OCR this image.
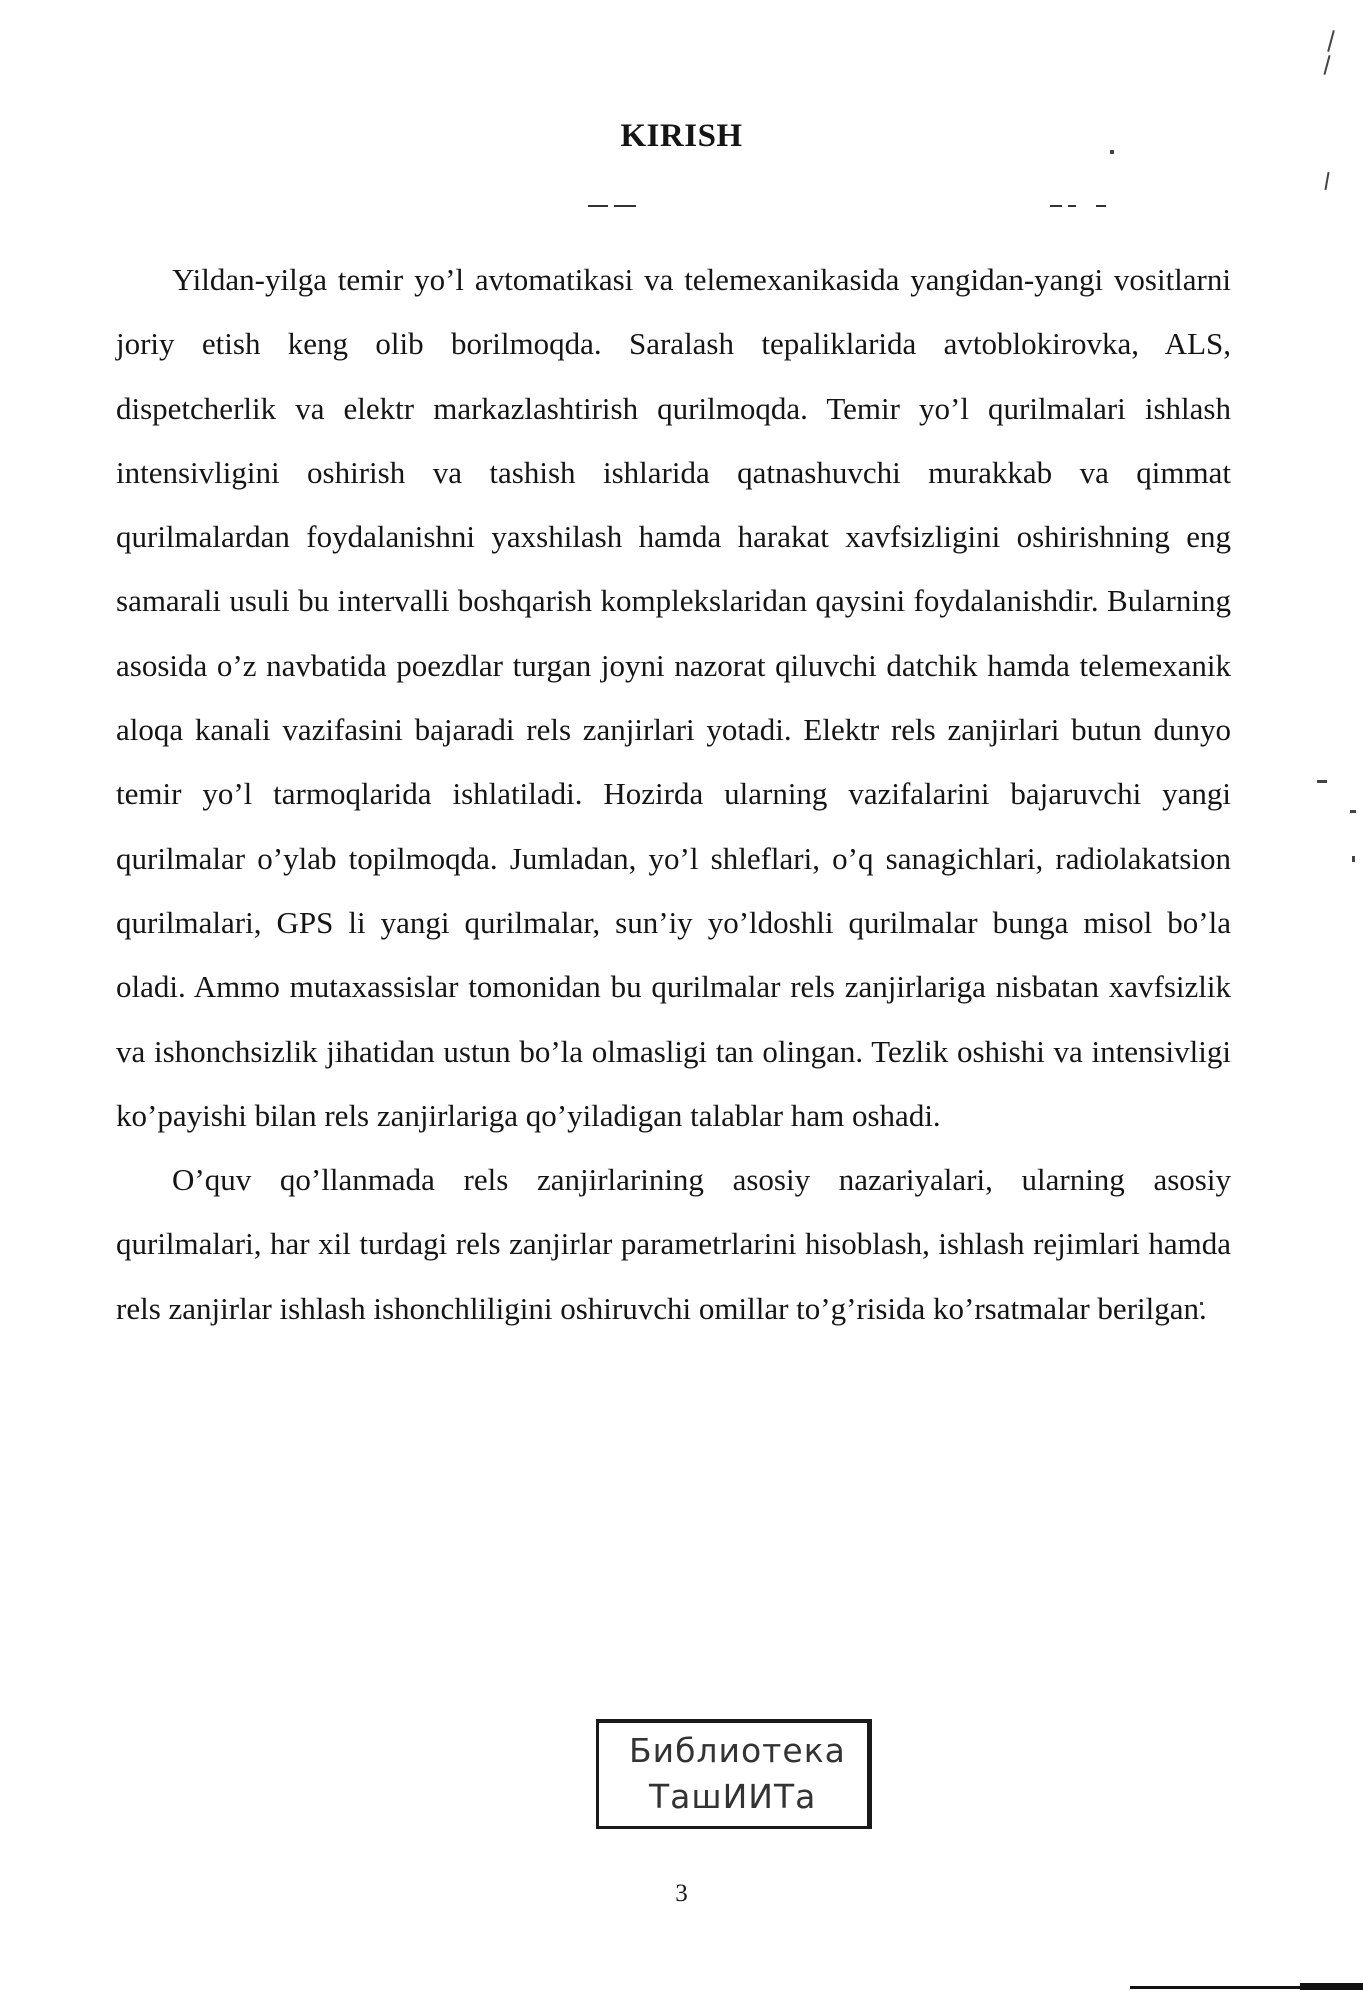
KIRISH

Yildan-yilga temir yo’l avtomatikasi va telemexanikasida yangidan-yangi vositlarni joriy etish keng olib borilmoqda. Saralash tepaliklarida avtoblokirovka, ALS, dispetcherlik va elektr markazlashtirish qurilmoqda. Temir yo’l qurilmalari ishlash intensivligini oshirish va tashish ishlarida qatnashuvchi murakkab va qimmat qurilmalardan foydalanishni yaxshilash hamda harakat xavfsizligini oshirishning eng samarali usuli bu intervalli boshqarish komplekslaridan qaysini foydalanishdir. Bularning asosida o’z navbatida poezdlar turgan joyni nazorat qiluvchi datchik hamda telemexanik aloqa kanali vazifasini bajaradi rels zanjirlari yotadi. Elektr rels zanjirlari butun dunyo temir yo’l tarmoqlarida ishlatiladi. Hozirda ularning vazifalarini bajaruvchi yangi qurilmalar o’ylab topilmoqda. Jumladan, yo’l shleflari, o’q sanagichlari, radiolakatsion qurilmalari, GPS li yangi qurilmalar, sun’iy yo’ldoshli qurilmalar bunga misol bo’la oladi. Ammo mutaxassislar tomonidan bu qurilmalar rels zanjirlariga nisbatan xavfsizlik va ishonchsizlik jihatidan ustun bo’la olmasligi tan olingan. Tezlik oshishi va intensivligi ko’payishi bilan rels zanjirlariga qo’yiladigan talablar ham oshadi.

O’quv qo’llanmada rels zanjirlarining asosiy nazariyalari, ularning asosiy qurilmalari, har xil turdagi rels zanjirlar parametrlarini hisoblash, ishlash rejimlari hamda rels zanjirlar ishlash ishonchliligini oshiruvchi omillar to’g’risida ko’rsatmalar berilgan.

Библиотека
ТашИИТа
3
